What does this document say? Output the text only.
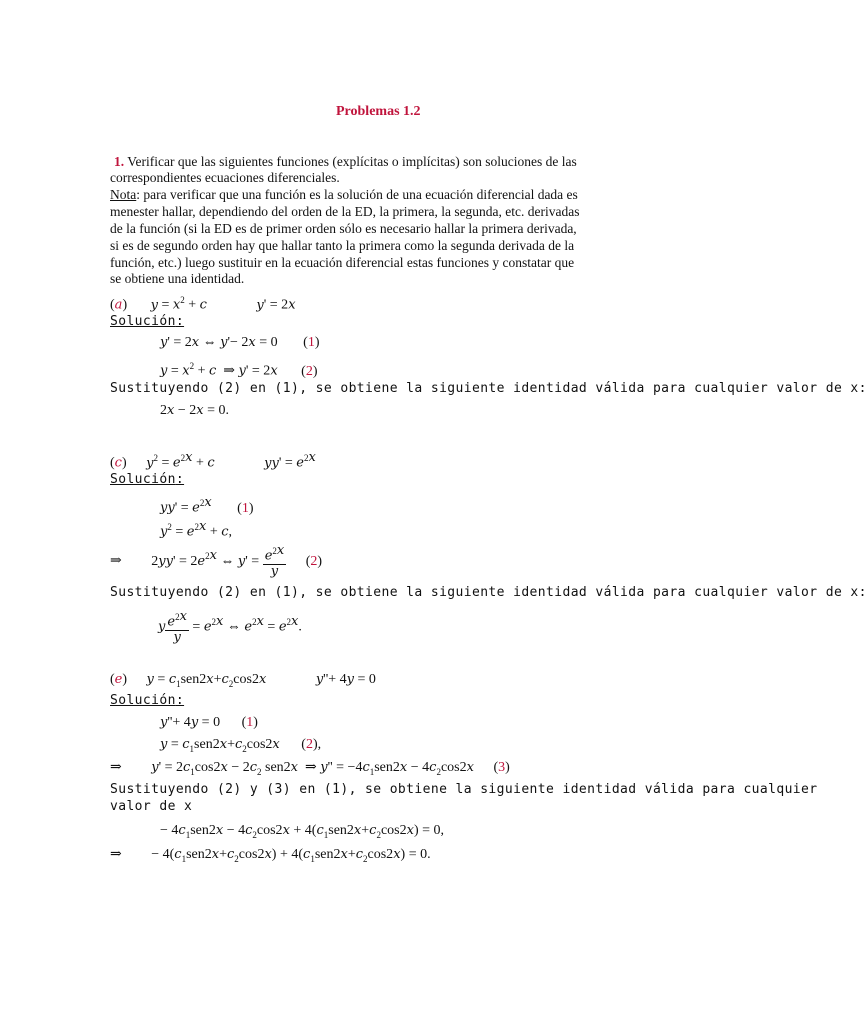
Problemas 1.2
1. Verificar que las siguientes funciones (explícitas o implícitas) son soluciones de las
correspondientes ecuaciones diferenciales.
Nota: para verificar que una función es la solución de una ecuación diferencial dada es
menester hallar, dependiendo del orden de la ED, la primera, la segunda, etc. derivadas
de la función (si la ED es de primer orden sólo es necesario hallar la primera derivada,
si es de segundo orden hay que hallar tanto la primera como la segunda derivada de la
función, etc.) luego sustituir en la ecuación diferencial estas funciones y constatar que
se obtiene una identidad.
(a) $y = x^2 + c$	y' = 2x
Solución:
y' = 2x ⇔ y'− 2x = 0 (1)
$y = x^2 + c$  ⇒ y' = 2x (2)
Sustituyendo (2) en (1), se obtiene la siguiente identidad válida para cualquier valor de x:
2x − 2x = 0.
(c) $y^2 = e^{2x} + c$	$yy' = e^{2x}$
Solución:
$yy' = e^{2x}$ (1)
$y^2 = e^{2x} + c$,
⇒ $2yy' = 2e^{2x}$ ⇔ $y' = \frac{e^{2x}}{y} (2)$
Sustituyendo (2) en (1), se obtiene la siguiente identidad válida para cualquier valor de x:
y $\frac{e^{2x}}{y} = e^{2x}$ ⇔ $e^{2x} = e^{2x}$.
(e) $y = c_1sen2x+c_2\cos 2x$	y''+ 4y = 0
Solución:
y''+ 4y = 0 (1)
$y = c_1sen2x+c_2\cos 2x$ (2),
⇒ $y' = 2c_1\cos 2x - 2c_2$ sen2x  ⇒ $y'' = -4c_1sen2x - 4c_2\cos 2x$ (3)
Sustituyendo (2) y (3) en (1), se obtiene la siguiente identidad válida para cualquier
valor de x
− $4c_1sen2x - 4c_2\cos 2x + 4(c_1sen2x+c_2\cos 2x) = 0$,
⇒ − $4(c_1sen2x+c_2\cos 2x) + 4(c_1sen2x+c_2\cos 2x) = 0$.
